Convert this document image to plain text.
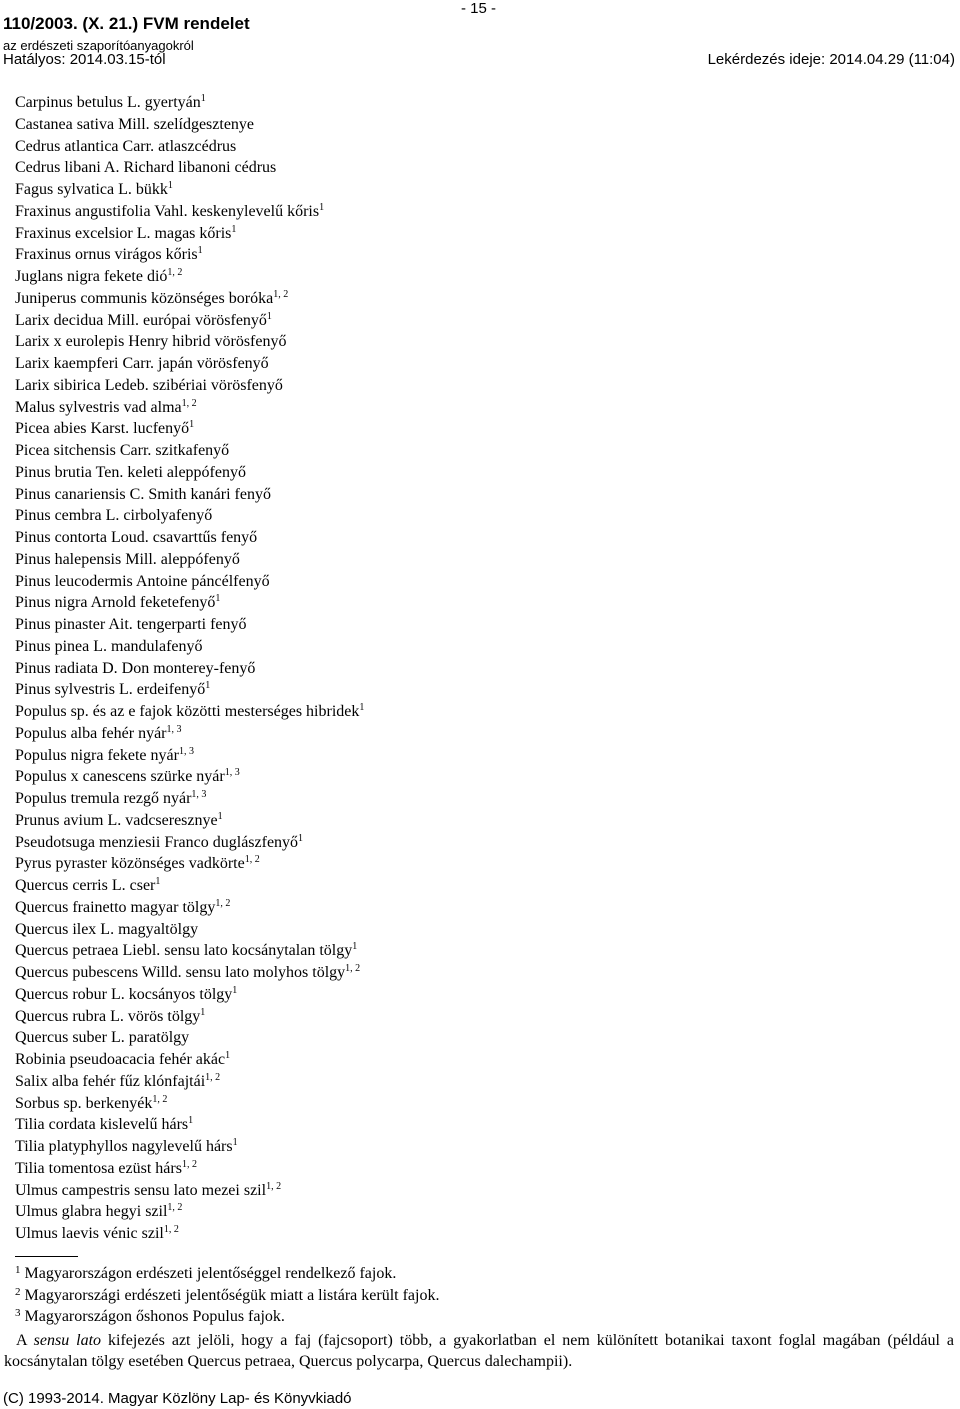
110/2003. (X. 21.) FVM rendelet
az erdészeti szaporítóanyagokról
Hatályos: 2014.03.15-tól
- 15 -
Lekérdezés ideje: 2014.04.29 (11:04)
Carpinus betulus L. gyertyán$^1$
Castanea sativa Mill. szelídgesztenye
Cedrus atlantica Carr. atlaszcédrus
Cedrus libani A. Richard libanoni cédrus
Fagus sylvatica L. bükk$^1$
Fraxinus angustifolia Vahl. keskenylevelű kőris$^1$
Fraxinus excelsior L. magas kőris$^1$
Fraxinus ornus virágos kőris$^1$
Juglans nigra fekete dió$^{1, 2}$
Juniperus communis közönséges boróka$^{1, 2}$
Larix decidua Mill. európai vörösfenyő$^1$
Larix x eurolepis Henry hibrid vörösfenyő
Larix kaempferi Carr. japán vörösfenyő
Larix sibirica Ledeb. szibériai vörösfenyő
Malus sylvestris vad alma$^{1, 2}$
Picea abies Karst. lucfenyő$^1$
Picea sitchensis Carr. szitkafenyő
Pinus brutia Ten. keleti aleppófenyő
Pinus canariensis C. Smith kanári fenyő
Pinus cembra L. cirbolyafenyő
Pinus contorta Loud. csavarttűs fenyő
Pinus halepensis Mill. aleppófenyő
Pinus leucodermis Antoine páncélfenyő
Pinus nigra Arnold feketefenyő$^1$
Pinus pinaster Ait. tengerparti fenyő
Pinus pinea L. mandulafenyő
Pinus radiata D. Don monterey-fenyő
Pinus sylvestris L. erdeifenyő$^1$
Populus sp. és az e fajok közötti mesterséges hibridek$^1$
Populus alba fehér nyár$^{1, 3}$
Populus nigra fekete nyár$^{1, 3}$
Populus x canescens szürke nyár$^{1, 3}$
Populus tremula rezgő nyár$^{1, 3}$
Prunus avium L. vadcseresznye$^1$
Pseudotsuga menziesii Franco duglászfenyő$^1$
Pyrus pyraster közönséges vadkörte$^{1, 2}$
Quercus cerris L. cser$^1$
Quercus frainetto magyar tölgy$^{1, 2}$
Quercus ilex L. magyaltölgy
Quercus petraea Liebl. sensu lato kocsánytalan tölgy$^1$
Quercus pubescens Willd. sensu lato molyhos tölgy$^{1, 2}$
Quercus robur L. kocsányos tölgy$^1$
Quercus rubra L. vörös tölgy$^1$
Quercus suber L. paratölgy
Robinia pseudoacacia fehér akác$^1$
Salix alba fehér fűz klónfajtái$^{1, 2}$
Sorbus sp. berkenyék$^{1, 2}$
Tilia cordata kislevelű hárs$^1$
Tilia platyphyllos nagylevelű hárs$^1$
Tilia tomentosa ezüst hárs$^{1, 2}$
Ulmus campestris sensu lato mezei szil$^{1, 2}$
Ulmus glabra hegyi szil$^{1, 2}$
Ulmus laevis vénic szil$^{1, 2}$
$^1$ Magyarországon erdészeti jelentőséggel rendelkező fajok.
$^2$ Magyarországi erdészeti jelentőségük miatt a listára került fajok.
$^3$ Magyarországon őshonos Populus fajok.

A sensu lato kifejezés azt jelöli, hogy a faj (fajcsoport) több, a gyakorlatban el nem különített botanikai taxont foglal magában (például a kocsánytalan tölgy esetében Quercus petraea, Quercus polycarpa, Quercus dalechampii).

(C) 1993-2014. Magyar Közlöny Lap- és Könyvkiadó
